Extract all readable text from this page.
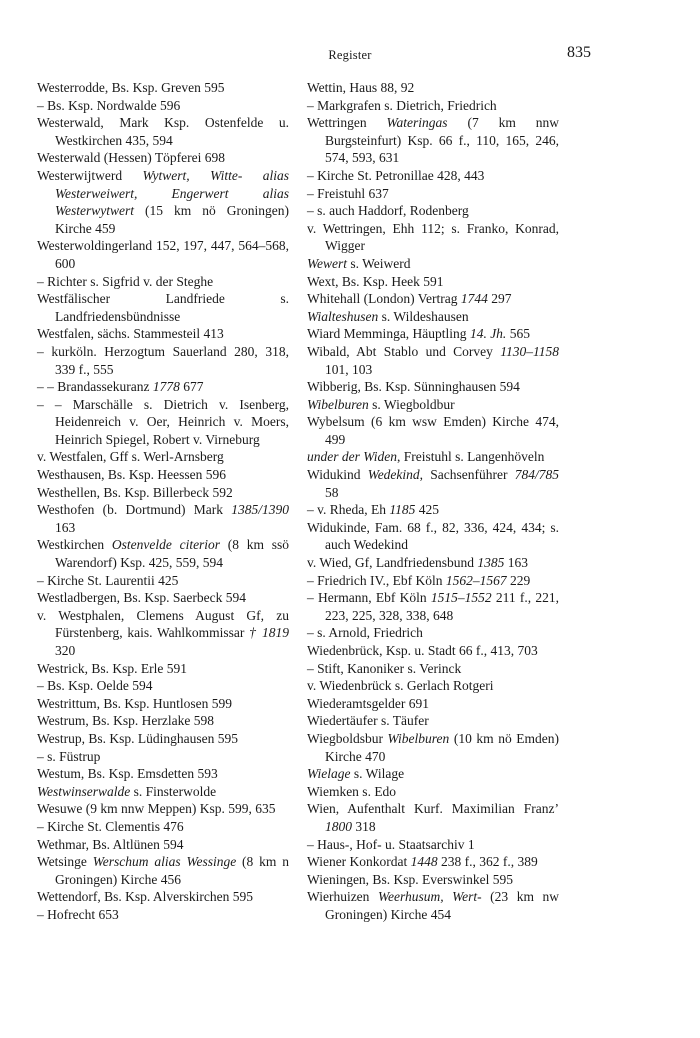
Register	835
Westerrodde, Bs. Ksp. Greven 595
– Bs. Ksp. Nordwalde 596
Westerwald, Mark Ksp. Ostenfelde u. Westkirchen 435, 594
Westerwald (Hessen) Töpferei 698
Westerwijtwerd Wytwert, Witte- alias Westerweiwert, Engerwert alias Westerwytwert (15 km nö Groningen) Kirche 459
Westerwoldingerland 152, 197, 447, 564–568, 600
– Richter s. Sigfrid v. der Steghe
Westfälischer Landfriede s. Landfriedensbündnisse
Westfalen, sächs. Stammesteil 413
– kurköln. Herzogtum Sauerland 280, 318, 339 f., 555
– – Brandassekuranz 1778 677
– – Marschälle s. Dietrich v. Isenberg, Heidenreich v. Oer, Heinrich v. Moers, Heinrich Spiegel, Robert v. Virneburg
v. Westfalen, Gff s. Werl-Arnsberg
Westhausen, Bs. Ksp. Heessen 596
Westhellen, Bs. Ksp. Billerbeck 592
Westhofen (b. Dortmund) Mark 1385/1390 163
Westkirchen Ostenvelde citerior (8 km ssö Warendorf) Ksp. 425, 559, 594
– Kirche St. Laurentii 425
Westladbergen, Bs. Ksp. Saerbeck 594
v. Westphalen, Clemens August Gf, zu Fürstenberg, kais. Wahlkommissar † 1819 320
Westrick, Bs. Ksp. Erle 591
– Bs. Ksp. Oelde 594
Westrittum, Bs. Ksp. Huntlosen 599
Westrum, Bs. Ksp. Herzlake 598
Westrup, Bs. Ksp. Lüdinghausen 595
– s. Füstrup
Westum, Bs. Ksp. Emsdetten 593
Westwinserwalde s. Finsterwolde
Wesuwe (9 km nnw Meppen) Ksp. 599, 635
– Kirche St. Clementis 476
Wethmar, Bs. Altlünen 594
Wetsinge Werschum alias Wessinge (8 km n Groningen) Kirche 456
Wettendorf, Bs. Ksp. Alverskirchen 595
– Hofrecht 653
Wettin, Haus 88, 92
– Markgrafen s. Dietrich, Friedrich
Wettringen Wateringas (7 km nnw Burgsteinfurt) Ksp. 66 f., 110, 165, 246, 574, 593, 631
– Kirche St. Petronillae 428, 443
– Freistuhl 637
– s. auch Haddorf, Rodenberg
v. Wettringen, Ehh 112; s. Franko, Konrad, Wigger
Wewert s. Weiwerd
Wext, Bs. Ksp. Heek 591
Whitehall (London) Vertrag 1744 297
Wialteshusen s. Wildeshausen
Wiard Memminga, Häuptling 14. Jh. 565
Wibald, Abt Stablo und Corvey 1130–1158 101, 103
Wibberig, Bs. Ksp. Sünninghausen 594
Wibelburen s. Wiegboldbur
Wybelsum (6 km wsw Emden) Kirche 474, 499
under der Widen, Freistuhl s. Langenhöveln
Widukind Wedekind, Sachsenführer 784/785 58
– v. Rheda, Eh 1185 425
Widukinde, Fam. 68 f., 82, 336, 424, 434; s. auch Wedekind
v. Wied, Gf, Landfriedensbund 1385 163
– Friedrich IV., Ebf Köln 1562–1567 229
– Hermann, Ebf Köln 1515–1552 211 f., 221, 223, 225, 328, 338, 648
– s. Arnold, Friedrich
Wiedenbrück, Ksp. u. Stadt 66 f., 413, 703
– Stift, Kanoniker s. Verinck
v. Wiedenbrück s. Gerlach Rotgeri
Wiederamtsgelder 691
Wiedertäufer s. Täufer
Wiegboldsbur Wibelburen (10 km nö Emden) Kirche 470
Wielage s. Wilage
Wiemken s. Edo
Wien, Aufenthalt Kurf. Maximilian Franz’ 1800 318
– Haus-, Hof- u. Staatsarchiv 1
Wiener Konkordat 1448 238 f., 362 f., 389
Wieningen, Bs. Ksp. Everswinkel 595
Wierhuizen Weerhusum, Wert- (23 km nw Groningen) Kirche 454
